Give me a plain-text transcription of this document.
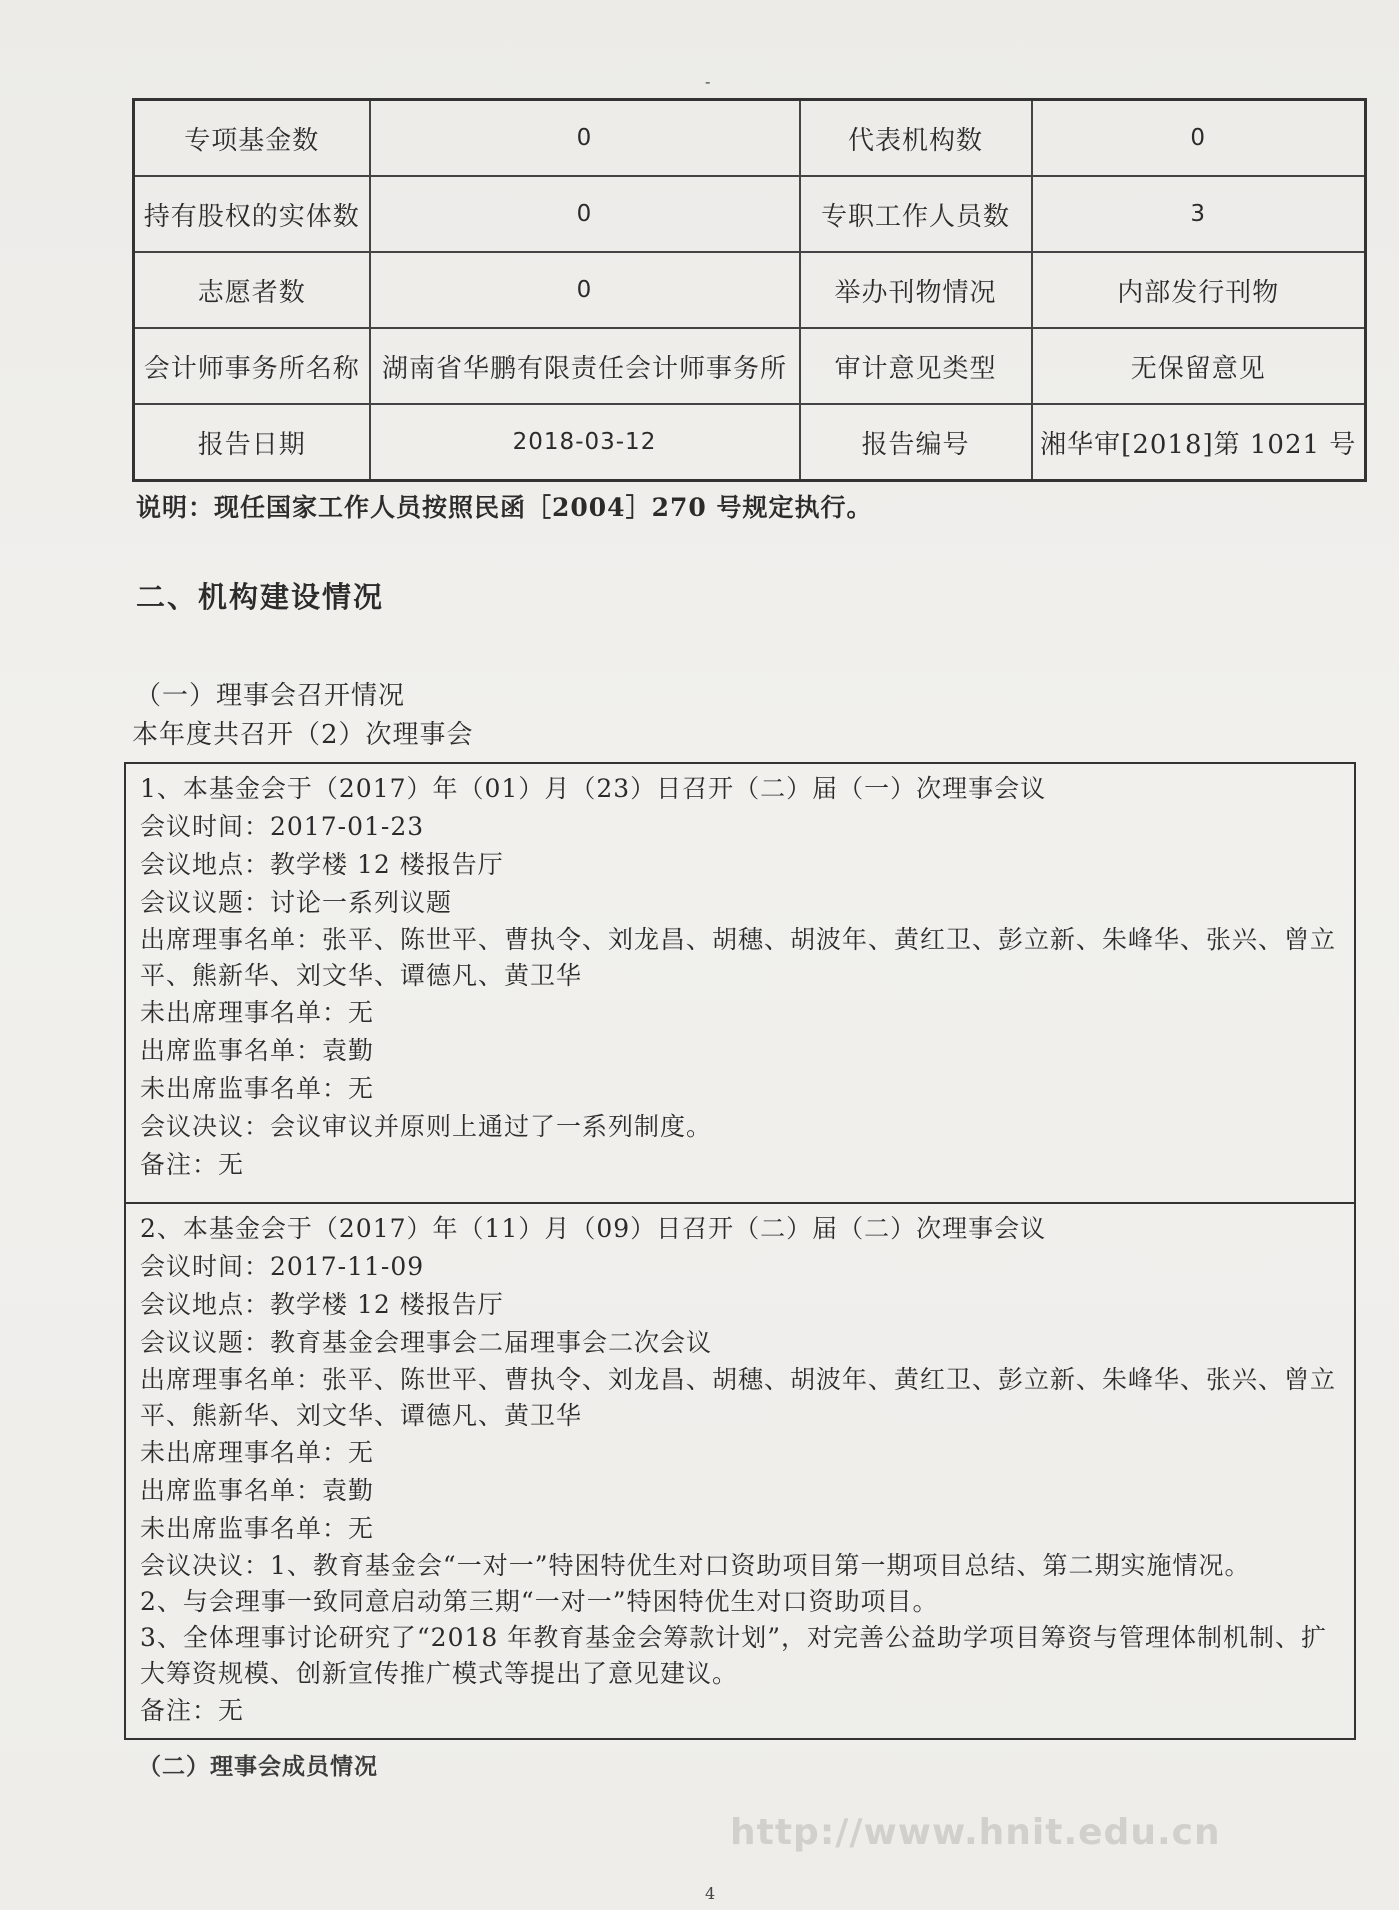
-
专项基金数	0	代表机构数	0
持有股权的实体数	0	专职工作人员数	3
志愿者数	0	举办刊物情况	内部发行刊物
会计师事务所名称	湖南省华鹏有限责任会计师事务所	审计意见类型	无保留意见
报告日期	2018-03-12	报告编号	湘华审[2018]第 1021 号
说明：现任国家工作人员按照民函［2004］270 号规定执行。
二、机构建设情况
（一）理事会召开情况
本年度共召开（2）次理事会

1、本基金会于（2017）年（01）月（23）日召开（二）届（一）次理事会议

会议时间：2017-01-23

会议地点：教学楼 12 楼报告厅

会议议题：讨论一系列议题

出席理事名单：张平、陈世平、曹执令、刘龙昌、胡穗、胡波年、黄红卫、彭立新、朱峰华、张兴、曾立平、熊新华、刘文华、谭德凡、黄卫华

未出席理事名单：无

出席监事名单：袁勤

未出席监事名单：无

会议决议：会议审议并原则上通过了一系列制度。

备注：无

2、本基金会于（2017）年（11）月（09）日召开（二）届（二）次理事会议

会议时间：2017-11-09

会议地点：教学楼 12 楼报告厅

会议议题：教育基金会理事会二届理事会二次会议

出席理事名单：张平、陈世平、曹执令、刘龙昌、胡穗、胡波年、黄红卫、彭立新、朱峰华、张兴、曾立平、熊新华、刘文华、谭德凡、黄卫华

未出席理事名单：无

出席监事名单：袁勤

未出席监事名单：无

会议决议：1、教育基金会“一对一”特困特优生对口资助项目第一期项目总结、第二期实施情况。

2、与会理事一致同意启动第三期“一对一”特困特优生对口资助项目。

3、全体理事讨论研究了“2018 年教育基金会筹款计划”，对完善公益助学项目筹资与管理体制机制、扩大筹资规模、创新宣传推广模式等提出了意见建议。

备注：无

（二）理事会成员情况
http://www.hnit.edu.cn
4
